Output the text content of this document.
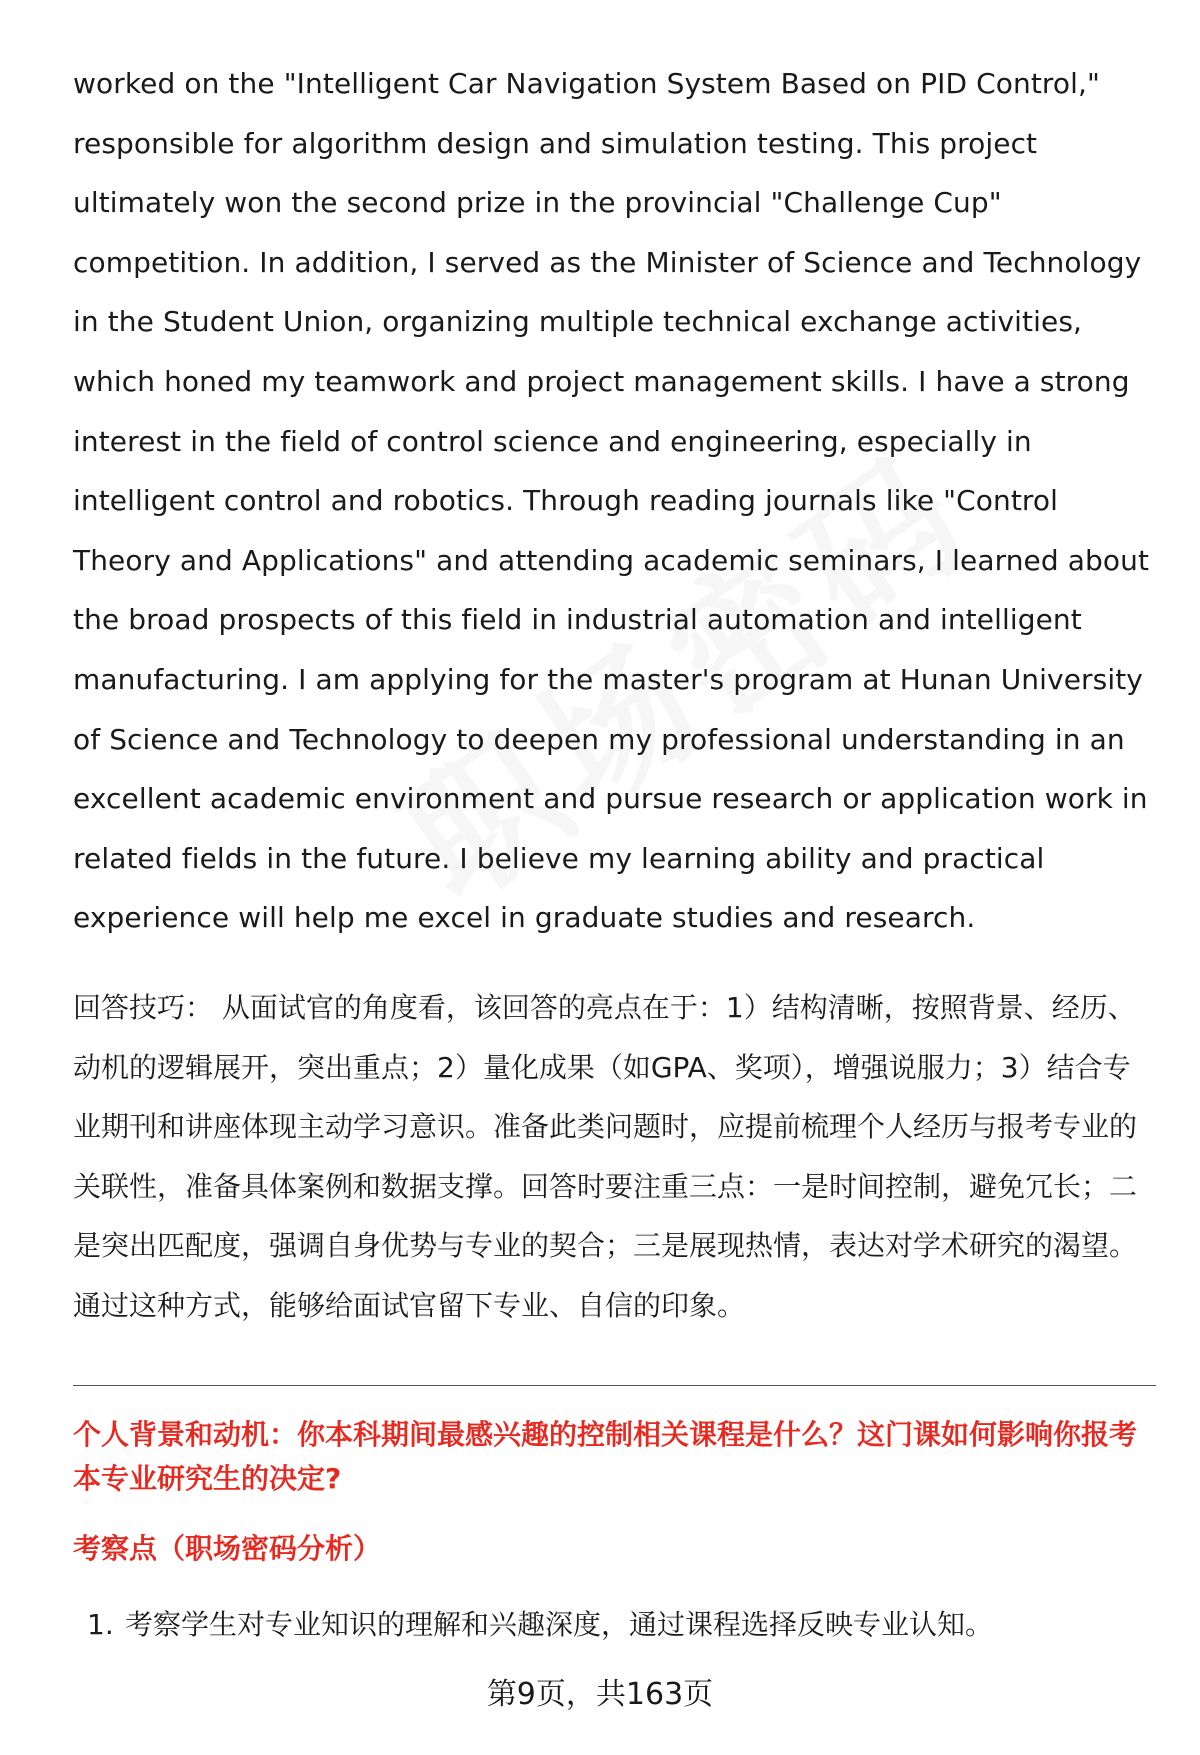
worked on the "Intelligent Car Navigation System Based on PID Control," responsible for algorithm design and simulation testing. This project ultimately won the second prize in the provincial "Challenge Cup" competition. In addition, I served as the Minister of Science and Technology in the Student Union, organizing multiple technical exchange activities, which honed my teamwork and project management skills. I have a strong interest in the field of control science and engineering, especially in intelligent control and robotics. Through reading journals like "Control Theory and Applications" and attending academic seminars, I learned about the broad prospects of this field in industrial automation and intelligent manufacturing. I am applying for the master's program at Hunan University of Science and Technology to deepen my professional understanding in an excellent academic environment and pursue research or application work in related fields in the future. I believe my learning ability and practical experience will help me excel in graduate studies and research.

回答技巧： 从面试官的角度看，该回答的亮点在于：1）结构清晰，按照背景、经历、动机的逻辑展开，突出重点；2）量化成果（如GPA、奖项），增强说服力；3）结合专业期刊和讲座体现主动学习意识。准备此类问题时，应提前梳理个人经历与报考专业的关联性，准备具体案例和数据支撑。回答时要注重三点：一是时间控制，避免冗长；二是突出匹配度，强调自身优势与专业的契合；三是展现热情，表达对学术研究的渴望。通过这种方式，能够给面试官留下专业、自信的印象。

个人背景和动机：你本科期间最感兴趣的控制相关课程是什么？这门课如何影响你报考本专业研究生的决定?

考察点（职场密码分析）

1. 考察学生对专业知识的理解和兴趣深度，通过课程选择反映专业认知。
第9页，共163页
